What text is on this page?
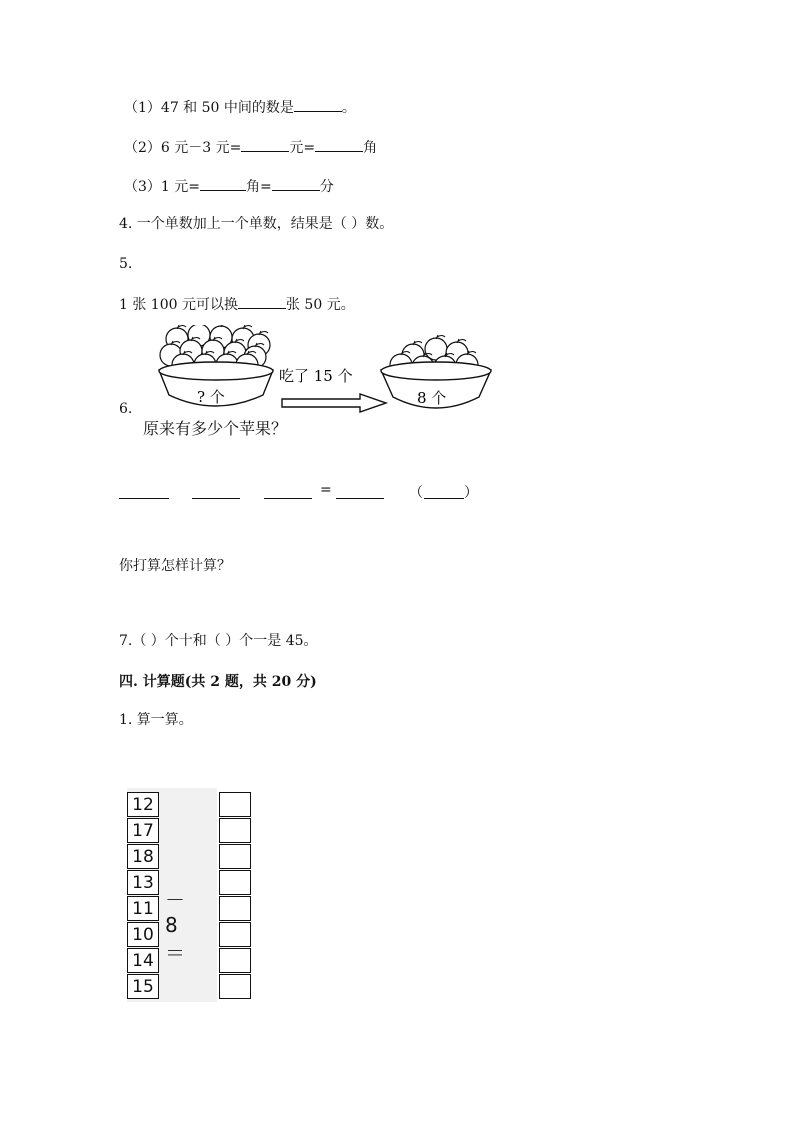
（1）47 和 50 中间的数是	。
（2）6 元－3 元=	元=	角
（3）1 元=	角=	分
4. 一个单数加上一个单数，结果是（ ）数。
5.
1 张 100 元可以换	张 50 元。
? 个
吃了 15 个
8 个
6.
原来有多少个苹果？
=	（	）
你打算怎样计算？
7.（ ）个十和（ ）个一是 45。
四. 计算题(共 2 题，共 20 分)
1. 算一算。
12
17
18
13
11
10
14
15
－8＝
